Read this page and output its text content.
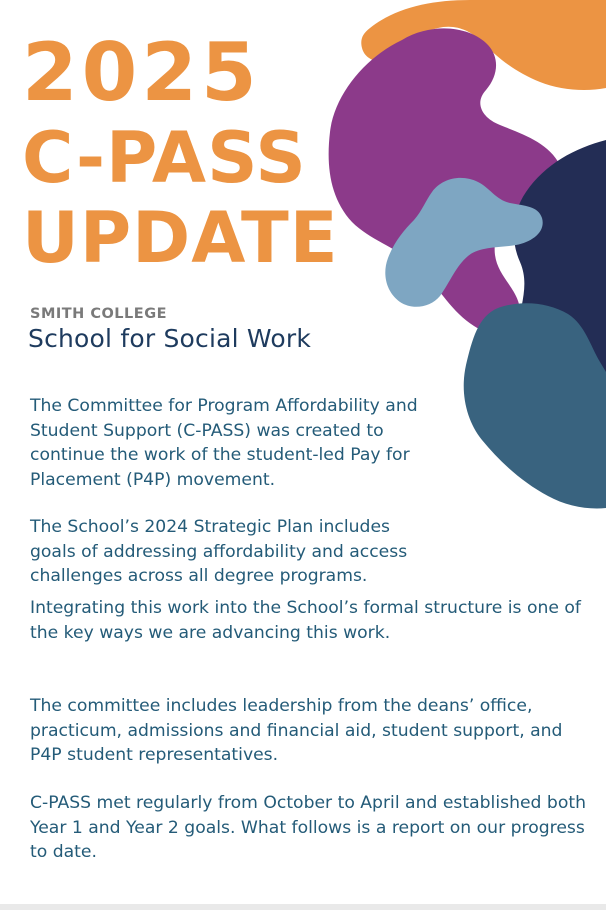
2025
C-PASS
UPDATE
SMITH COLLEGE
School for Social Work

The Committee for Program Affordability and Student Support (C-PASS) was created to continue the work of the student-led Pay for Placement (P4P) movement.

The School’s 2024 Strategic Plan includes goals of addressing affordability and access challenges across all degree programs.

Integrating this work into the School’s formal structure is one of the key ways we are advancing this work.

The committee includes leadership from the deans’ office, practicum, admissions and financial aid, student support, and P4P student representatives.

C-PASS met regularly from October to April and established both Year 1 and Year 2 goals. What follows is a report on our progress to date.
